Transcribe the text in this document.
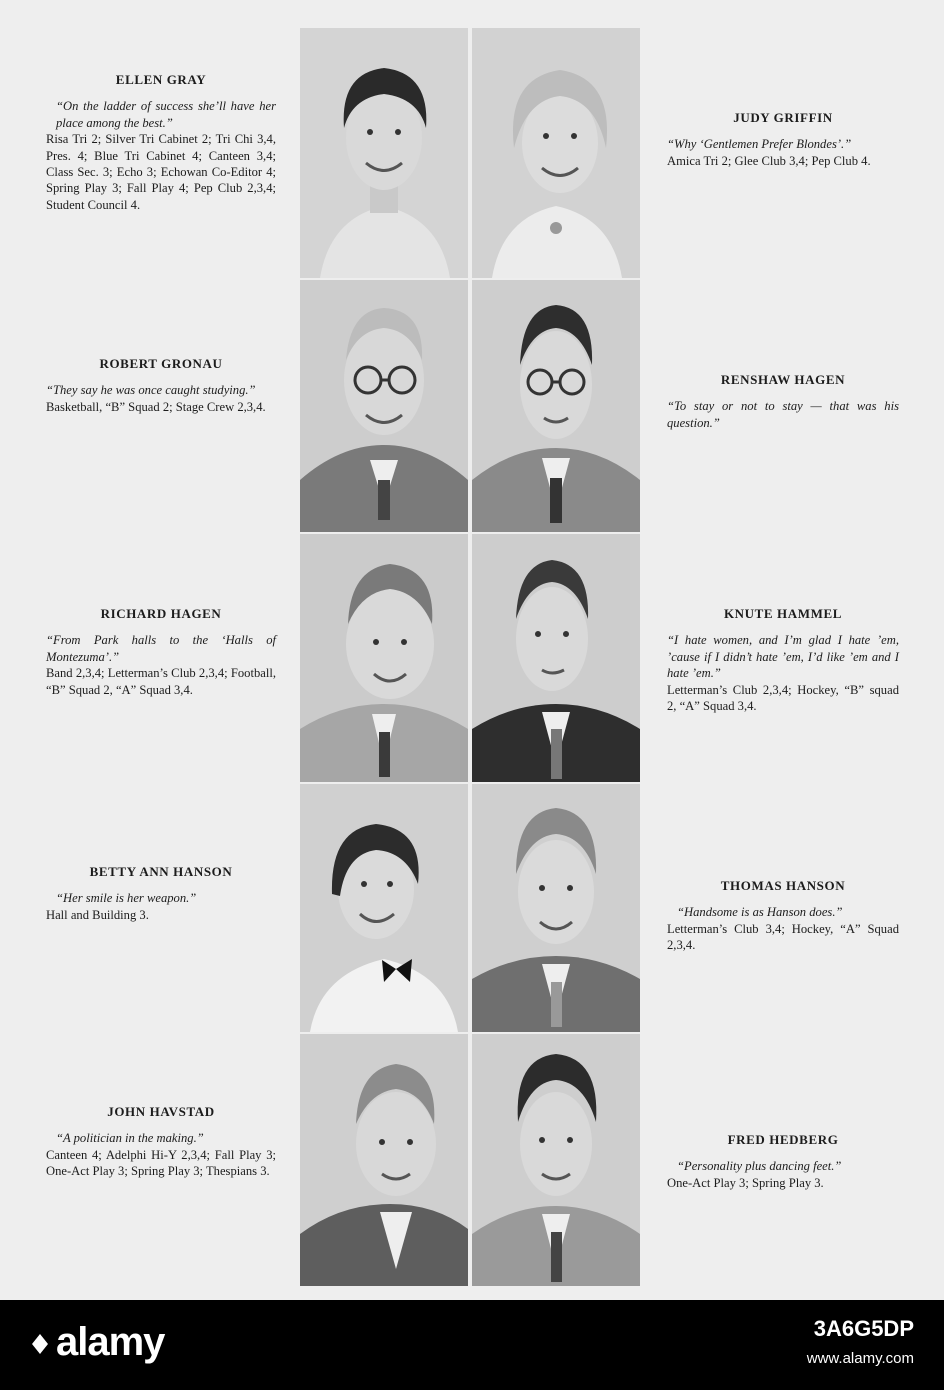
ELLEN GRAY
“On the ladder of success she’ll have her place among the best.”
Risa Tri 2; Silver Tri Cabinet 2; Tri Chi 3,4, Pres. 4; Blue Tri Cabinet 4; Canteen 3,4; Class Sec. 3; Echo 3; Echowan Co-Editor 4; Spring Play 3; Fall Play 4; Pep Club 2,3,4; Student Council 4.
ROBERT GRONAU
“They say he was once caught studying.”
Basketball, “B” Squad 2; Stage Crew 2,3,4.
RICHARD HAGEN
“From Park halls to the ‘Halls of Montezuma’.”
Band 2,3,4; Letterman’s Club 2,3,4; Football, “B” Squad 2, “A” Squad 3,4.
BETTY ANN HANSON
“Her smile is her weapon.”
Hall and Building 3.
JOHN HAVSTAD
“A politician in the making.”
Canteen 4; Adelphi Hi-Y 2,3,4; Fall Play 3; One-Act Play 3; Spring Play 3; Thespians 3.
JUDY GRIFFIN
“Why ‘Gentlemen Prefer Blondes’.”
Amica Tri 2; Glee Club 3,4; Pep Club 4.
RENSHAW HAGEN
“To stay or not to stay — that was his question.”
KNUTE HAMMEL
“I hate women, and I’m glad I hate ’em, ’cause if I didn’t hate ’em, I’d like ’em and I hate ’em.”
Letterman’s Club 2,3,4; Hockey, “B” squad 2, “A” Squad 3,4.
THOMAS HANSON
“Handsome is as Hanson does.”
Letterman’s Club 3,4; Hockey, “A” Squad 2,3,4.
FRED HEDBERG
“Personality plus dancing feet.”
One-Act Play 3; Spring Play 3.
alamy	3A6G5DP
www.alamy.com
